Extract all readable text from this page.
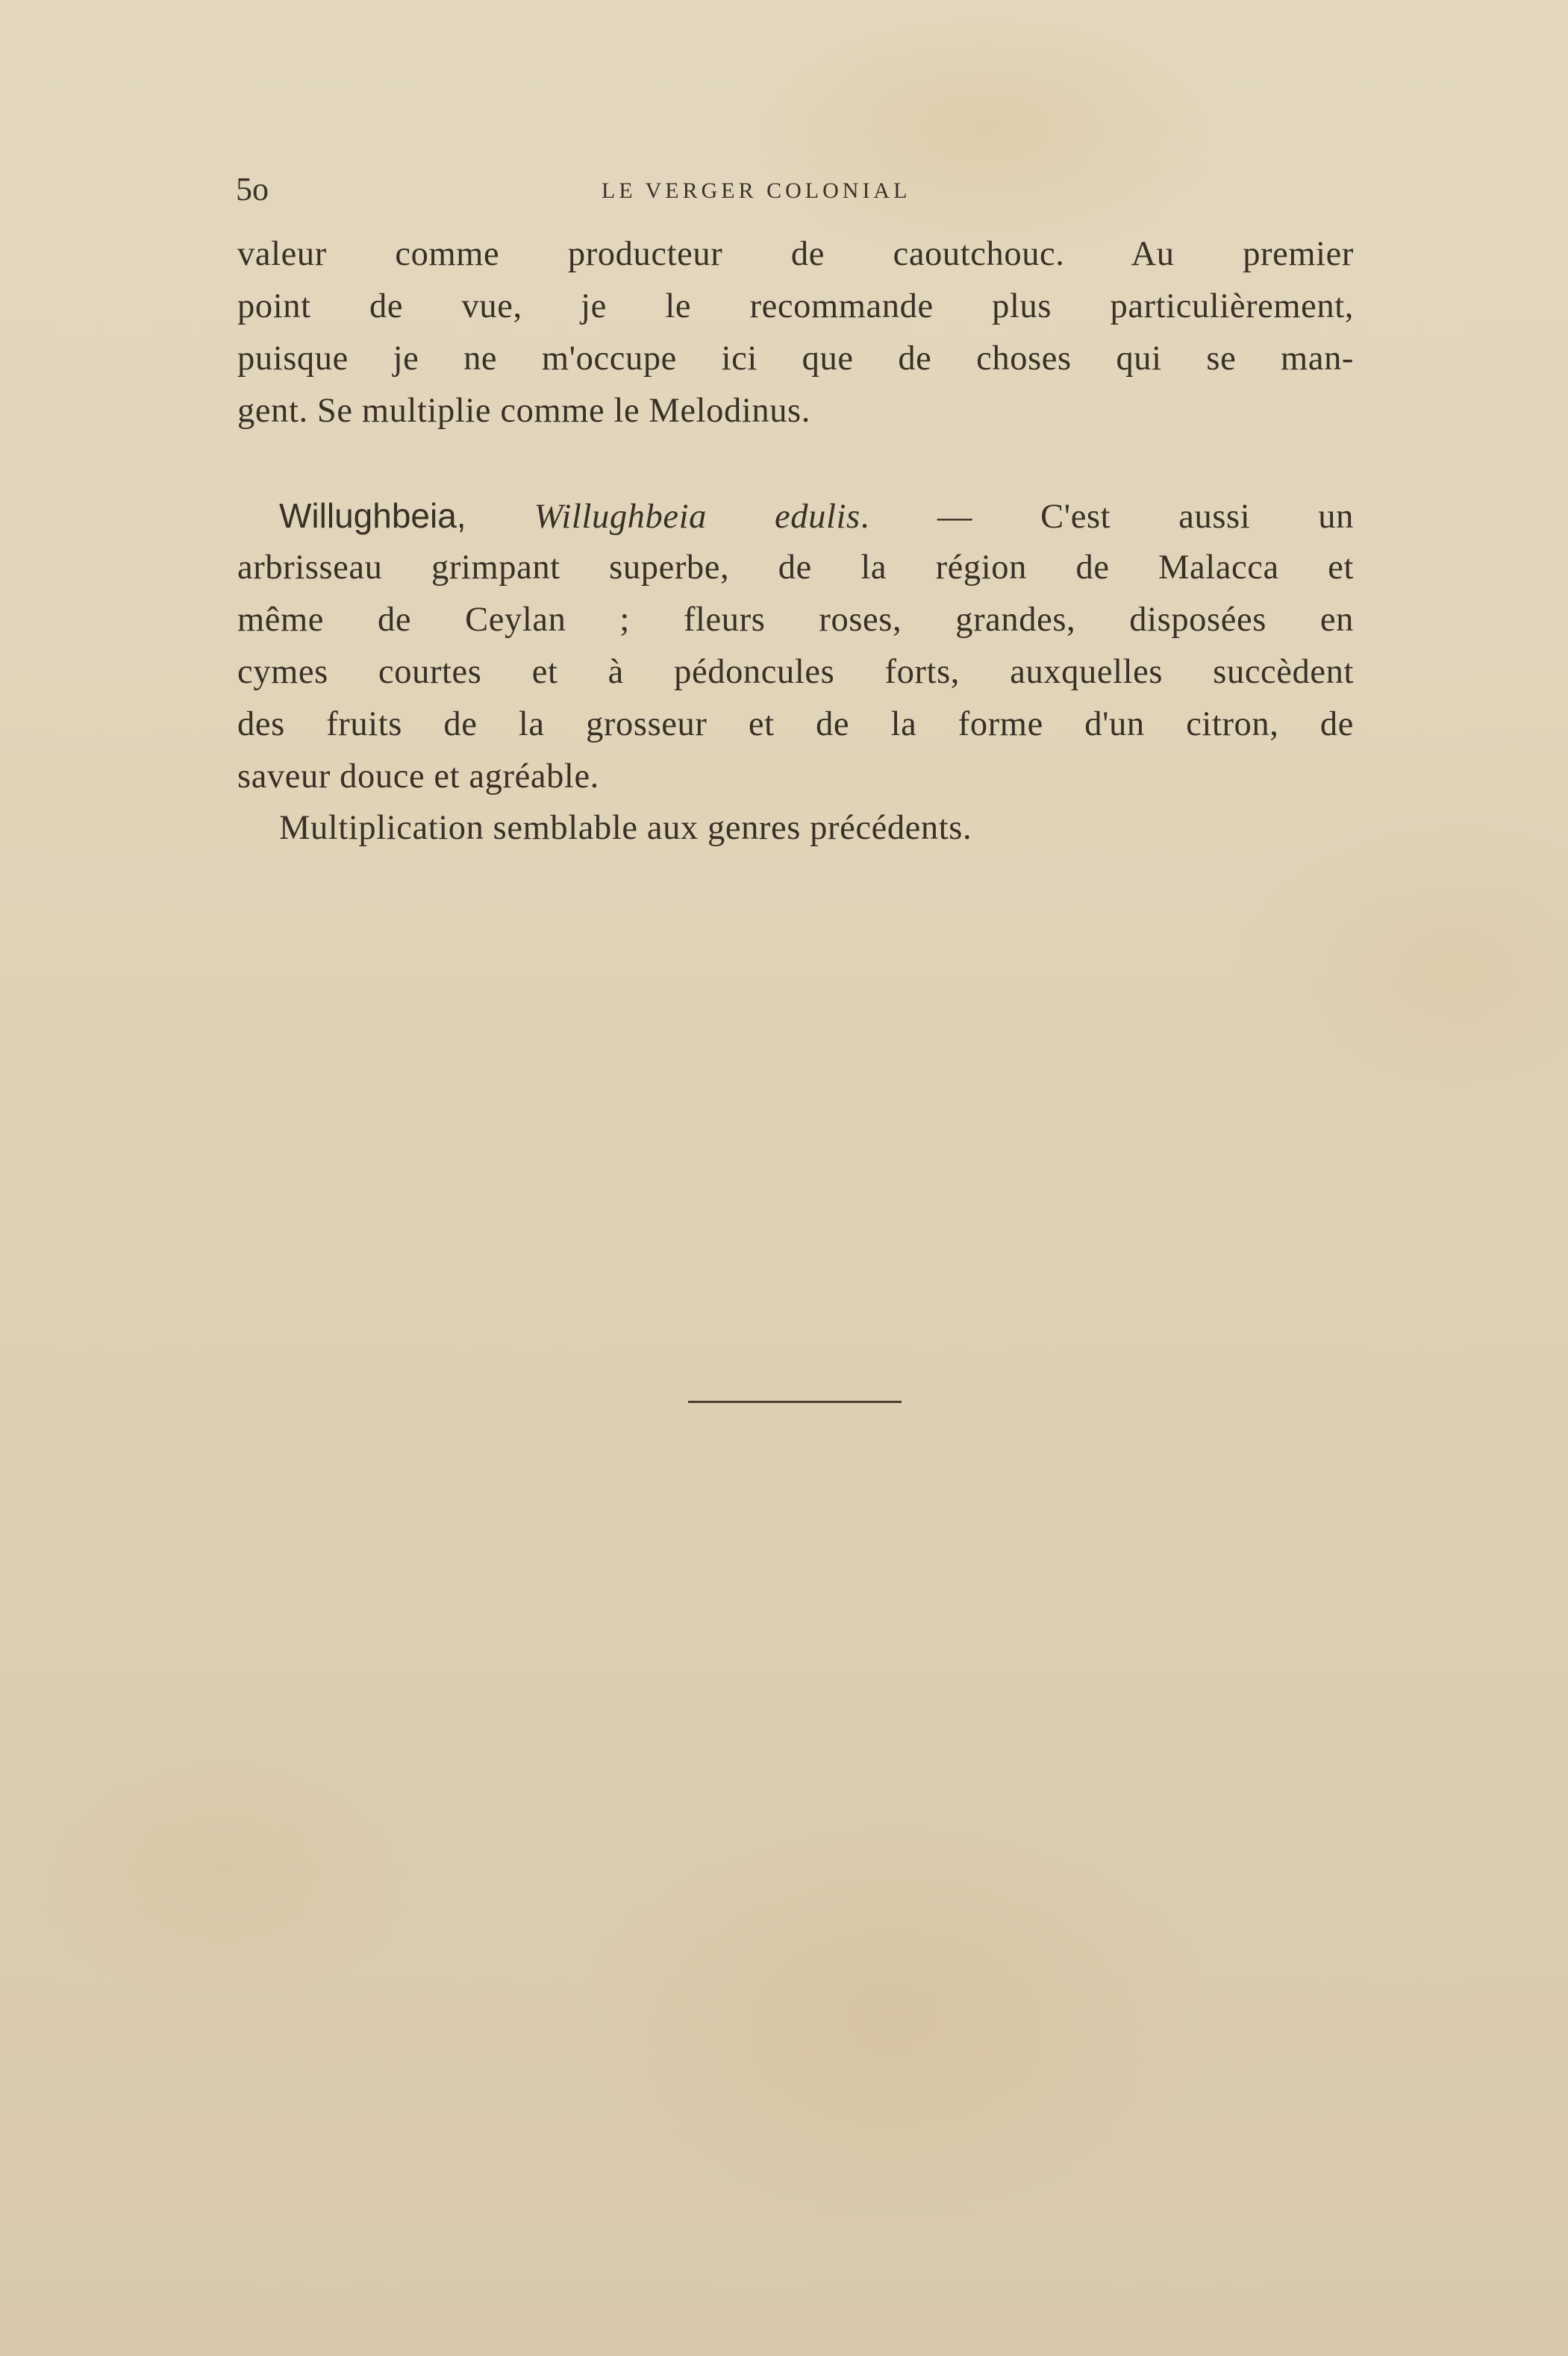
5o	LE VERGER COLONIAL
valeur comme producteur de caoutchouc. Au premier
point de vue, je le recommande plus particulièrement,
puisque je ne m'occupe ici que de choses qui se man-
gent. Se multiplie comme le Melodinus.
Willughbeia, Willughbeia edulis. — C'est aussi un
arbrisseau grimpant superbe, de la région de Malacca et
même de Ceylan ; fleurs roses, grandes, disposées en
cymes courtes et à pédoncules forts, auxquelles succèdent
des fruits de la grosseur et de la forme d'un citron, de
saveur douce et agréable.
Multiplication semblable aux genres précédents.
